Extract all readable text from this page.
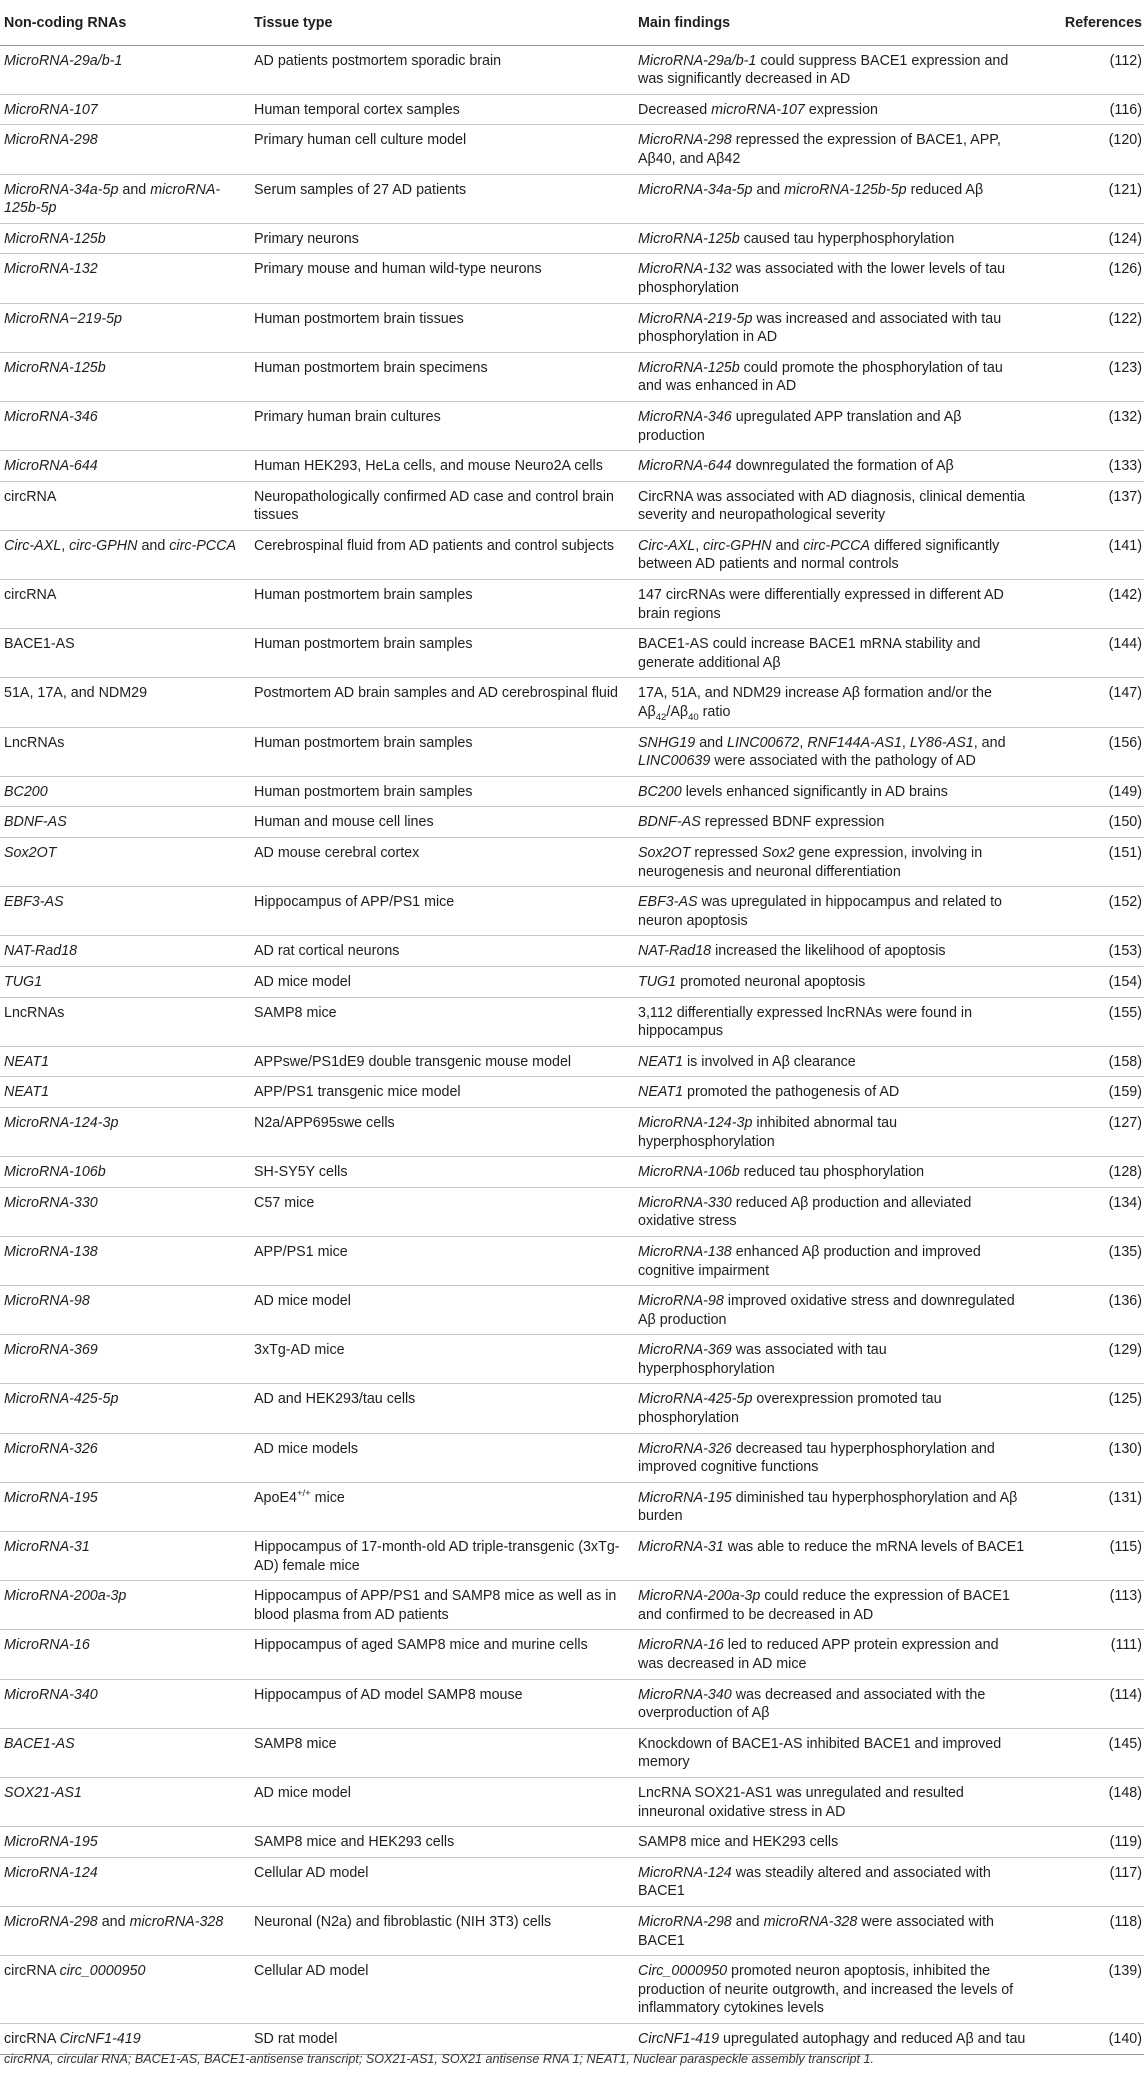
Non-coding RNAs	Tissue type	Main findings	References
MicroRNA-29a/b-1	AD patients postmortem sporadic brain	MicroRNA-29a/b-1 could suppress BACE1 expression and was significantly decreased in AD	(112)
MicroRNA-107	Human temporal cortex samples	Decreased microRNA-107 expression	(116)
MicroRNA-298	Primary human cell culture model	MicroRNA-298 repressed the expression of BACE1, APP, Aβ40, and Aβ42	(120)
MicroRNA-34a-5p and microRNA-125b-5p	Serum samples of 27 AD patients	MicroRNA-34a-5p and microRNA-125b-5p reduced Aβ	(121)
MicroRNA-125b	Primary neurons	MicroRNA-125b caused tau hyperphosphorylation	(124)
MicroRNA-132	Primary mouse and human wild-type neurons	MicroRNA-132 was associated with the lower levels of tau phosphorylation	(126)
MicroRNA−219-5p	Human postmortem brain tissues	MicroRNA-219-5p was increased and associated with tau phosphorylation in AD	(122)
MicroRNA-125b	Human postmortem brain specimens	MicroRNA-125b could promote the phosphorylation of tau and was enhanced in AD	(123)
MicroRNA-346	Primary human brain cultures	MicroRNA-346 upregulated APP translation and Aβ production	(132)
MicroRNA-644	Human HEK293, HeLa cells, and mouse Neuro2A cells	MicroRNA-644 downregulated the formation of Aβ	(133)
circRNA	Neuropathologically confirmed AD case and control brain tissues	CircRNA was associated with AD diagnosis, clinical dementia severity and neuropathological severity	(137)
Circ-AXL, circ-GPHN and circ-PCCA	Cerebrospinal fluid from AD patients and control subjects	Circ-AXL, circ-GPHN and circ-PCCA differed significantly between AD patients and normal controls	(141)
circRNA	Human postmortem brain samples	147 circRNAs were differentially expressed in different AD brain regions	(142)
BACE1-AS	Human postmortem brain samples	BACE1-AS could increase BACE1 mRNA stability and generate additional Aβ	(144)
51A, 17A, and NDM29	Postmortem AD brain samples and AD cerebrospinal fluid	17A, 51A, and NDM29 increase Aβ formation and/or the $A\beta_{42}/A\beta_{40}$ ratio	(147)
LncRNAs	Human postmortem brain samples	SNHG19 and LINC00672, RNF144A-AS1, LY86-AS1, and LINC00639 were associated with the pathology of AD	(156)
BC200	Human postmortem brain samples	BC200 levels enhanced significantly in AD brains	(149)
BDNF-AS	Human and mouse cell lines	BDNF-AS repressed BDNF expression	(150)
Sox2OT	AD mouse cerebral cortex	Sox2OT repressed Sox2 gene expression, involving in neurogenesis and neuronal differentiation	(151)
EBF3-AS	Hippocampus of APP/PS1 mice	EBF3-AS was upregulated in hippocampus and related to neuron apoptosis	(152)
NAT-Rad18	AD rat cortical neurons	NAT-Rad18 increased the likelihood of apoptosis	(153)
TUG1	AD mice model	TUG1 promoted neuronal apoptosis	(154)
LncRNAs	SAMP8 mice	3,112 differentially expressed lncRNAs were found in hippocampus	(155)
NEAT1	APPswe/PS1dE9 double transgenic mouse model	NEAT1 is involved in Aβ clearance	(158)
NEAT1	APP/PS1 transgenic mice model	NEAT1 promoted the pathogenesis of AD	(159)
MicroRNA-124-3p	N2a/APP695swe cells	MicroRNA-124-3p inhibited abnormal tau hyperphosphorylation	(127)
MicroRNA-106b	SH-SY5Y cells	MicroRNA-106b reduced tau phosphorylation	(128)
MicroRNA-330	C57 mice	MicroRNA-330 reduced Aβ production and alleviated oxidative stress	(134)
MicroRNA-138	APP/PS1 mice	MicroRNA-138 enhanced Aβ production and improved cognitive impairment	(135)
MicroRNA-98	AD mice model	MicroRNA-98 improved oxidative stress and downregulated Aβ production	(136)
MicroRNA-369	3xTg-AD mice	MicroRNA-369 was associated with tau hyperphosphorylation	(129)
MicroRNA-425-5p	AD and HEK293/tau cells	MicroRNA-425-5p overexpression promoted tau phosphorylation	(125)
MicroRNA-326	AD mice models	MicroRNA-326 decreased tau hyperphosphorylation and improved cognitive functions	(130)
MicroRNA-195	ApoE4+/+ mice	MicroRNA-195 diminished tau hyperphosphorylation and Aβ burden	(131)
MicroRNA-31	Hippocampus of 17-month-old AD triple-transgenic (3xTg-AD) female mice	MicroRNA-31 was able to reduce the mRNA levels of BACE1	(115)
MicroRNA-200a-3p	Hippocampus of APP/PS1 and SAMP8 mice as well as in blood plasma from AD patients	MicroRNA-200a-3p could reduce the expression of BACE1 and confirmed to be decreased in AD	(113)
MicroRNA-16	Hippocampus of aged SAMP8 mice and murine cells	MicroRNA-16 led to reduced APP protein expression and was decreased in AD mice	(111)
MicroRNA-340	Hippocampus of AD model SAMP8 mouse	MicroRNA-340 was decreased and associated with the overproduction of Aβ	(114)
BACE1-AS	SAMP8 mice	Knockdown of BACE1-AS inhibited BACE1 and improved memory	(145)
SOX21-AS1	AD mice model	LncRNA SOX21-AS1 was unregulated and resulted inneuronal oxidative stress in AD	(148)
MicroRNA-195	SAMP8 mice and HEK293 cells	SAMP8 mice and HEK293 cells	(119)
MicroRNA-124	Cellular AD model	MicroRNA-124 was steadily altered and associated with BACE1	(117)
MicroRNA-298 and microRNA-328	Neuronal (N2a) and fibroblastic (NIH 3T3) cells	MicroRNA-298 and microRNA-328 were associated with BACE1	(118)
circRNA circ_0000950	Cellular AD model	Circ_0000950 promoted neuron apoptosis, inhibited the production of neurite outgrowth, and increased the levels of inflammatory cytokines levels	(139)
circRNA CircNF1-419	SD rat model	CircNF1-419 upregulated autophagy and reduced Aβ and tau	(140)
circRNA, circular RNA; BACE1-AS, BACE1-antisense transcript; SOX21-AS1, SOX21 antisense RNA 1; NEAT1, Nuclear paraspeckle assembly transcript 1.
